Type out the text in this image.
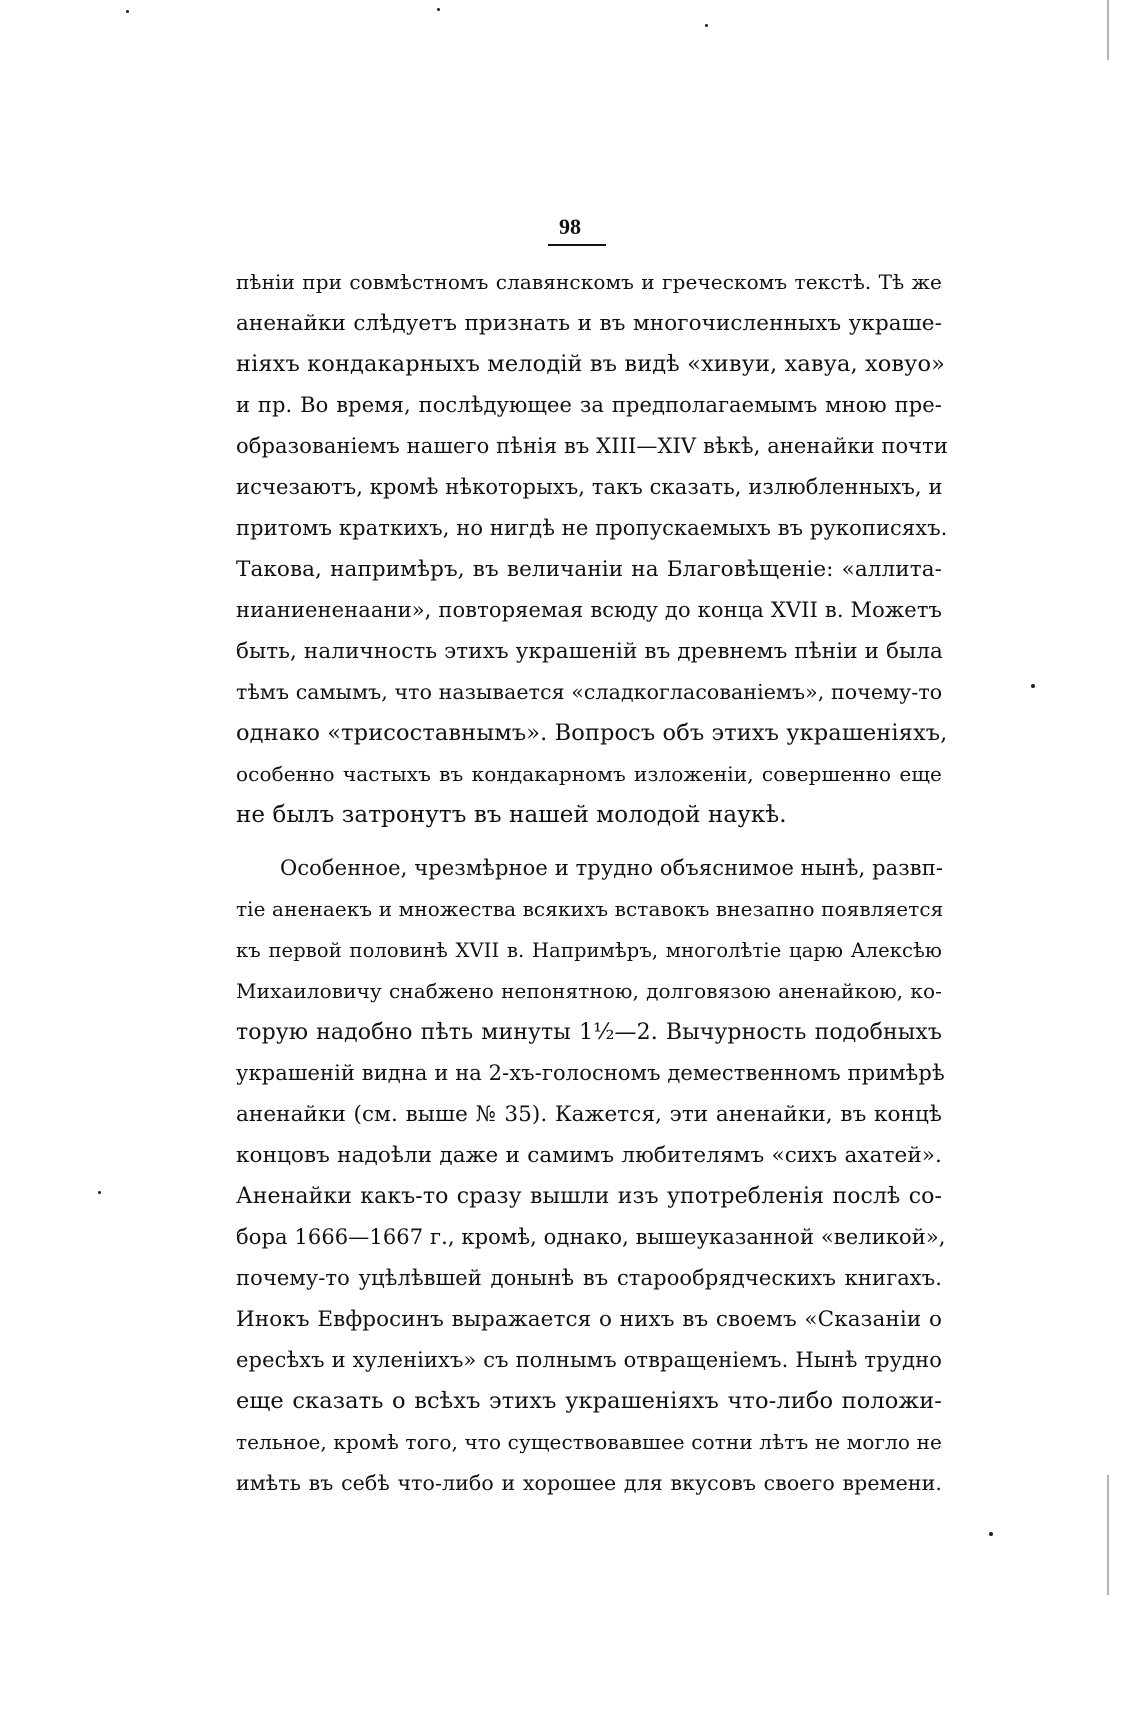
98
пѣніи при совмѣстномъ славянскомъ и греческомъ текстѣ. Тѣ же
аненайки слѣдуетъ признать и въ многочисленныхъ украше-
ніяхъ кондакарныхъ мелодій въ видѣ «хивуи, хавуа, ховуо»
и пр. Во время, послѣдующее за предполагаемымъ мною пре-
образованіемъ нашего пѣнія въ XIII—XIV вѣкѣ, аненайки почти
исчезаютъ, кромѣ нѣкоторыхъ, такъ сказать, излюбленныхъ, и
притомъ краткихъ, но нигдѣ не пропускаемыхъ въ рукописяхъ.
Такова, напримѣръ, въ величаніи на Благовѣщеніе: «аллита-
нианиененаани», повторяемая всюду до конца XVII в. Можетъ
быть, наличность этихъ украшеній въ древнемъ пѣніи и была
тѣмъ самымъ, что называется «сладкогласованіемъ», почему-то
однако «трисоставнымъ». Вопросъ объ этихъ украшеніяхъ,
особенно частыхъ въ кондакарномъ изложеніи, совершенно еще
не былъ затронутъ въ нашей молодой наукѣ.
Особенное, чрезмѣрное и трудно объяснимое нынѣ, развп-
тіе аненаекъ и множества всякихъ вставокъ внезапно появляется
къ первой половинѣ XVII в. Напримѣръ, многолѣтіе царю Алексѣю
Михаиловичу снабжено непонятною, долговязою аненайкою, ко-
торую надобно пѣть минуты 1½—2. Вычурность подобныхъ
украшеній видна и на 2-хъ-голосномъ демественномъ примѣрѣ
аненайки (см. выше № 35). Кажется, эти аненайки, въ концѣ
концовъ надоѣли даже и самимъ любителямъ «сихъ ахатей».
Аненайки какъ-то сразу вышли изъ употребленія послѣ со-
бора 1666—1667 г., кромѣ, однако, вышеуказанной «великой»,
почему-то уцѣлѣвшей донынѣ въ старообрядческихъ книгахъ.
Инокъ Евфросинъ выражается о нихъ въ своемъ «Сказаніи о
ересѣхъ и хуленіихъ» съ полнымъ отвращеніемъ. Нынѣ трудно
еще сказать о всѣхъ этихъ украшеніяхъ что-либо положи-
тельное, кромѣ того, что существовавшее сотни лѣтъ не могло не
имѣть въ себѣ что-либо и хорошее для вкусовъ своего времени.
